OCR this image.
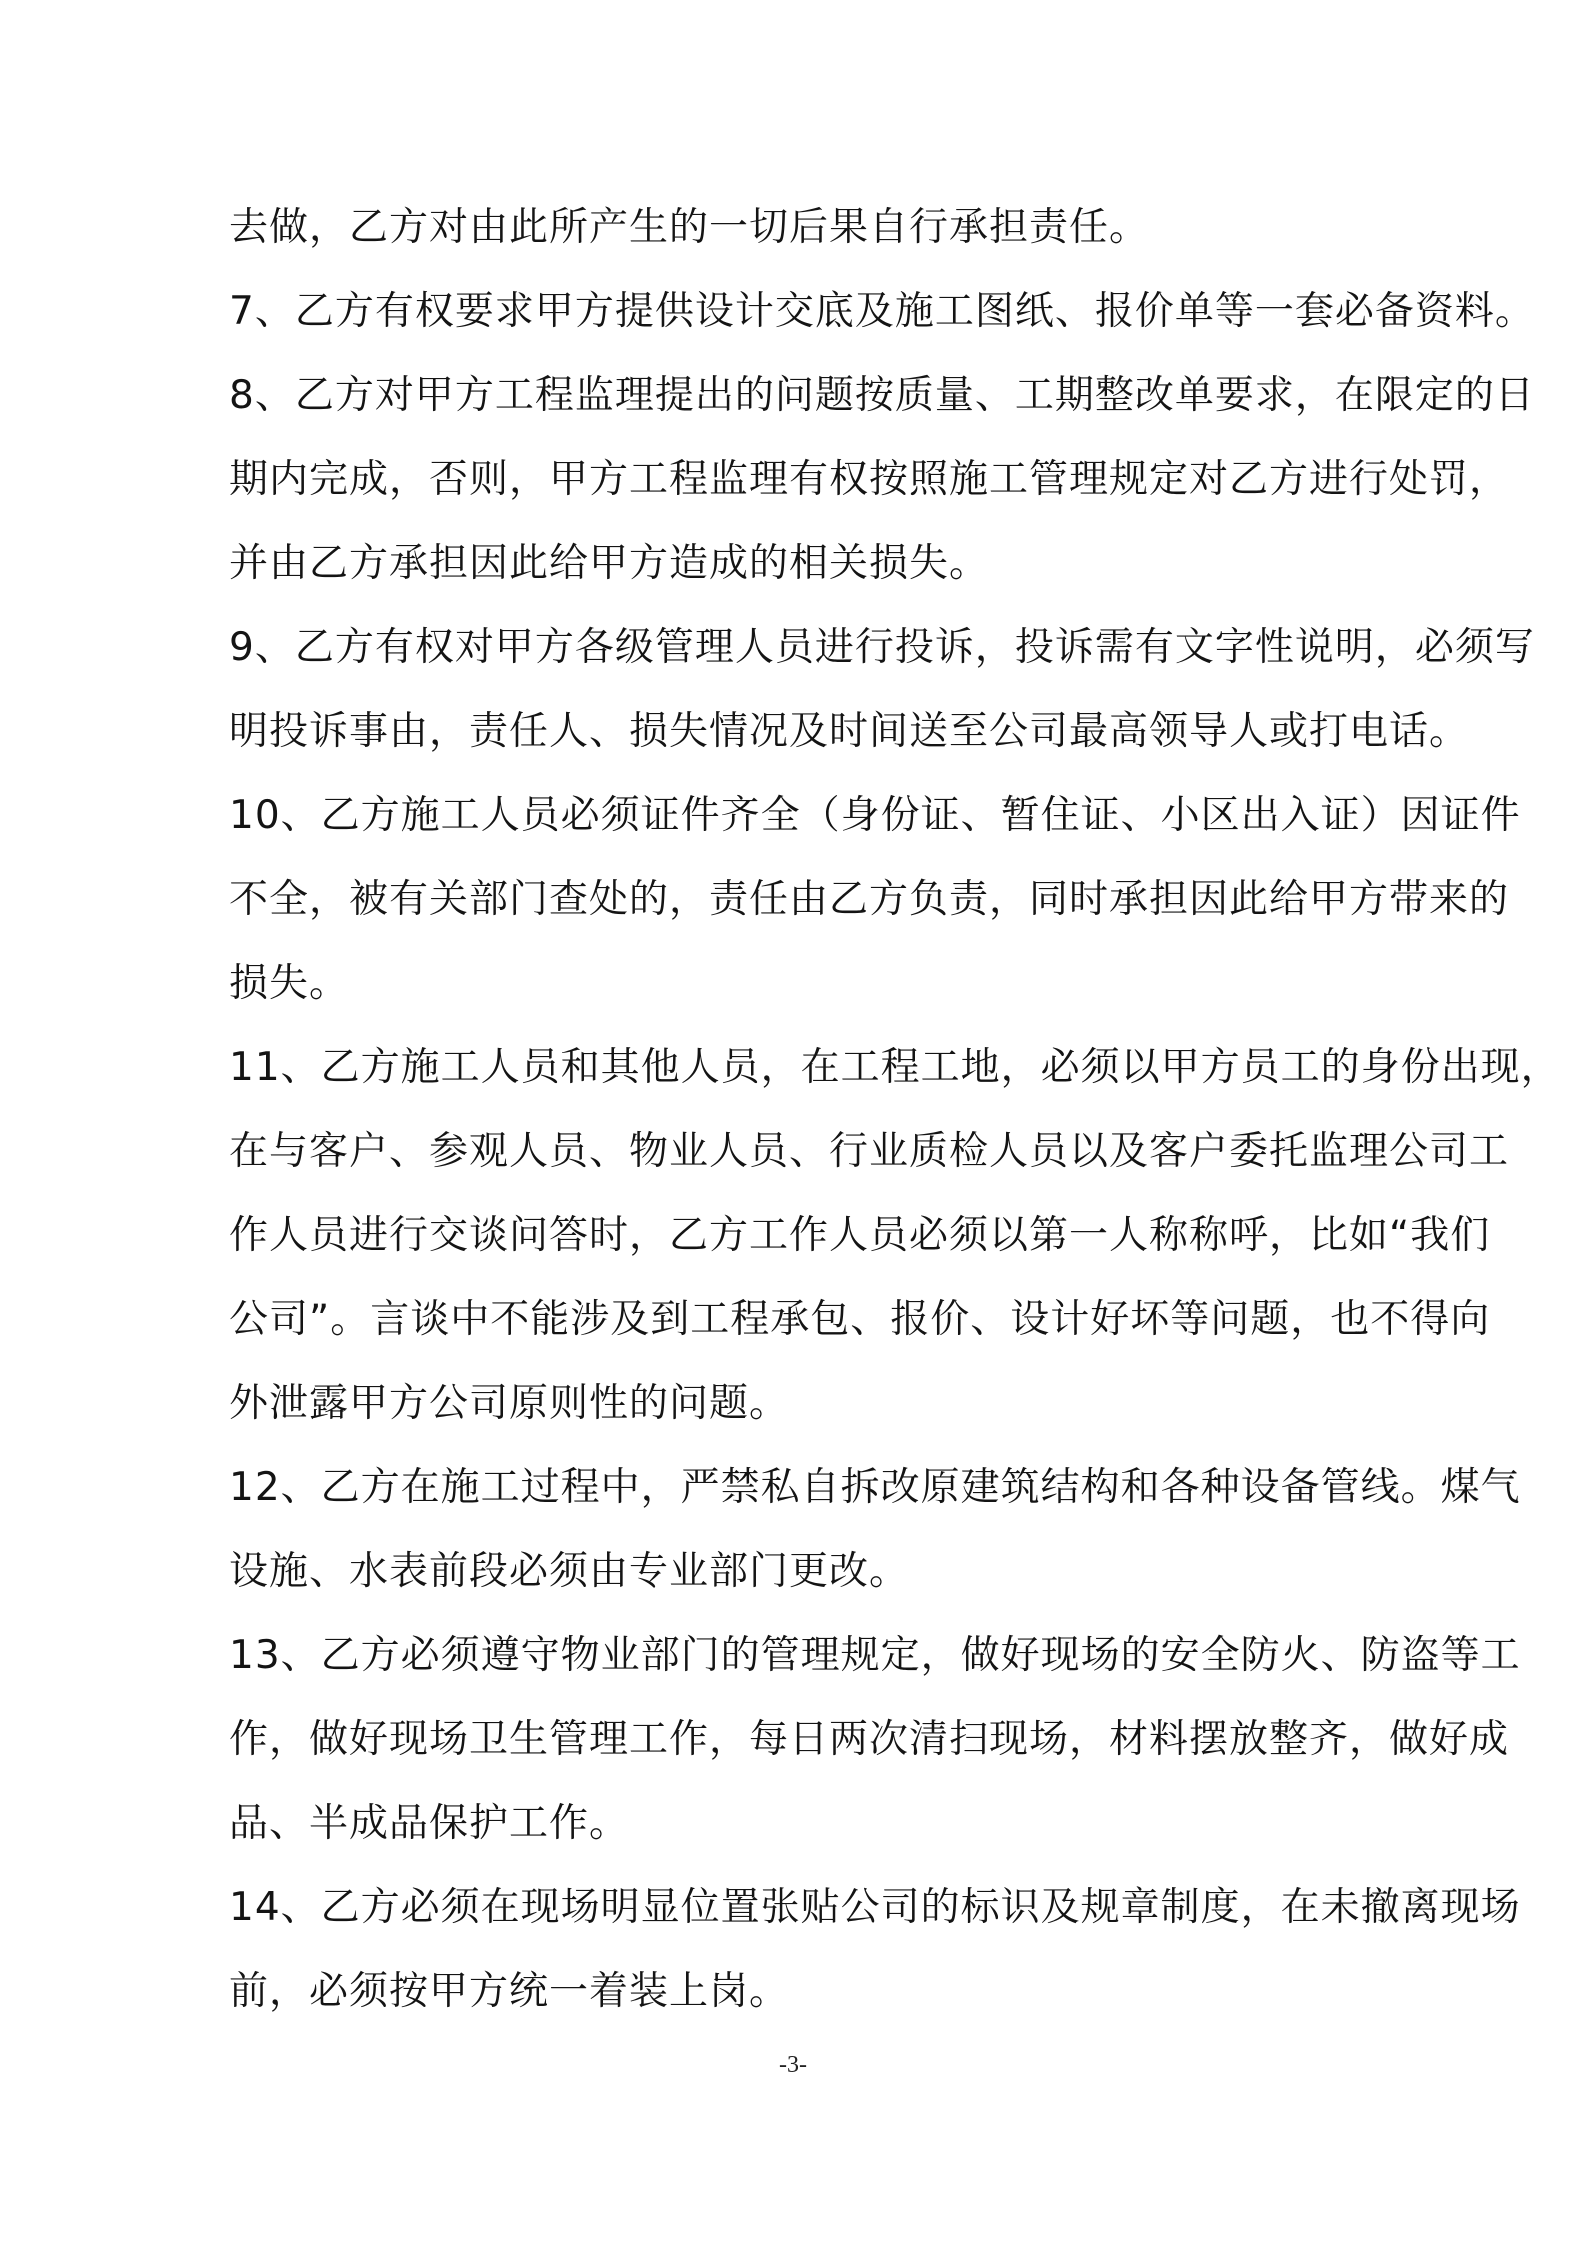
去做，乙方对由此所产生的一切后果自行承担责任。
7、乙方有权要求甲方提供设计交底及施工图纸、报价单等一套必备资料。
8、乙方对甲方工程监理提出的问题按质量、工期整改单要求，在限定的日
期内完成，否则，甲方工程监理有权按照施工管理规定对乙方进行处罚，
并由乙方承担因此给甲方造成的相关损失。
9、乙方有权对甲方各级管理人员进行投诉，投诉需有文字性说明，必须写
明投诉事由，责任人、损失情况及时间送至公司最高领导人或打电话。
10、乙方施工人员必须证件齐全（身份证、暂住证、小区出入证）因证件
不全，被有关部门查处的，责任由乙方负责，同时承担因此给甲方带来的
损失。
11、乙方施工人员和其他人员，在工程工地，必须以甲方员工的身份出现，
在与客户、参观人员、物业人员、行业质检人员以及客户委托监理公司工
作人员进行交谈问答时，乙方工作人员必须以第一人称称呼，比如“我们
公司”。言谈中不能涉及到工程承包、报价、设计好坏等问题，也不得向
外泄露甲方公司原则性的问题。
12、乙方在施工过程中，严禁私自拆改原建筑结构和各种设备管线。煤气
设施、水表前段必须由专业部门更改。
13、乙方必须遵守物业部门的管理规定，做好现场的安全防火、防盗等工
作，做好现场卫生管理工作，每日两次清扫现场，材料摆放整齐，做好成
品、半成品保护工作。
14、乙方必须在现场明显位置张贴公司的标识及规章制度，在未撤离现场
前，必须按甲方统一着装上岗。
-3-
